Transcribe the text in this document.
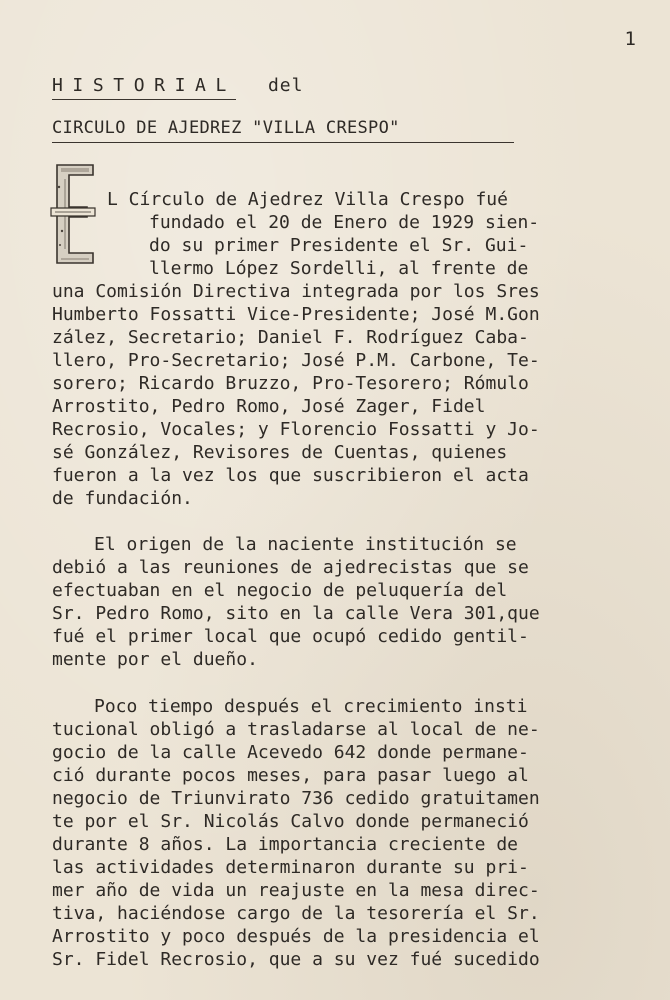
1
HISTORIAL del
CIRCULO DE AJEDREZ "VILLA CRESPO"
L Círculo de Ajedrez Villa Crespo fué
fundado el 20 de Enero de 1929 sien-
do su primer Presidente el Sr. Gui-
llermo López Sordelli, al frente de
una Comisión Directiva integrada por los Sres
Humberto Fossatti Vice-Presidente; José M.Gon
zález, Secretario; Daniel F. Rodríguez Caba-
llero, Pro-Secretario; José P.M. Carbone, Te-
sorero; Ricardo Bruzzo, Pro-Tesorero; Rómulo
Arrostito, Pedro Romo, José Zager, Fidel
Recrosio, Vocales; y Florencio Fossatti y Jo-
sé González, Revisores de Cuentas, quienes
fueron a la vez los que suscribieron el acta
de fundación.
El origen de la naciente institución se
debió a las reuniones de ajedrecistas que se
efectuaban en el negocio de peluquería del
Sr. Pedro Romo, sito en la calle Vera 301,que
fué el primer local que ocupó cedido gentil-
mente por el dueño.
Poco tiempo después el crecimiento insti
tucional obligó a trasladarse al local de ne-
gocio de la calle Acevedo 642 donde permane-
ció durante pocos meses, para pasar luego al
negocio de Triunvirato 736 cedido gratuitamen
te por el Sr. Nicolás Calvo donde permaneció
durante 8 años. La importancia creciente de
las actividades determinaron durante su pri-
mer año de vida un reajuste en la mesa direc-
tiva, haciéndose cargo de la tesorería el Sr.
Arrostito y poco después de la presidencia el
Sr. Fidel Recrosio, que a su vez fué sucedido
